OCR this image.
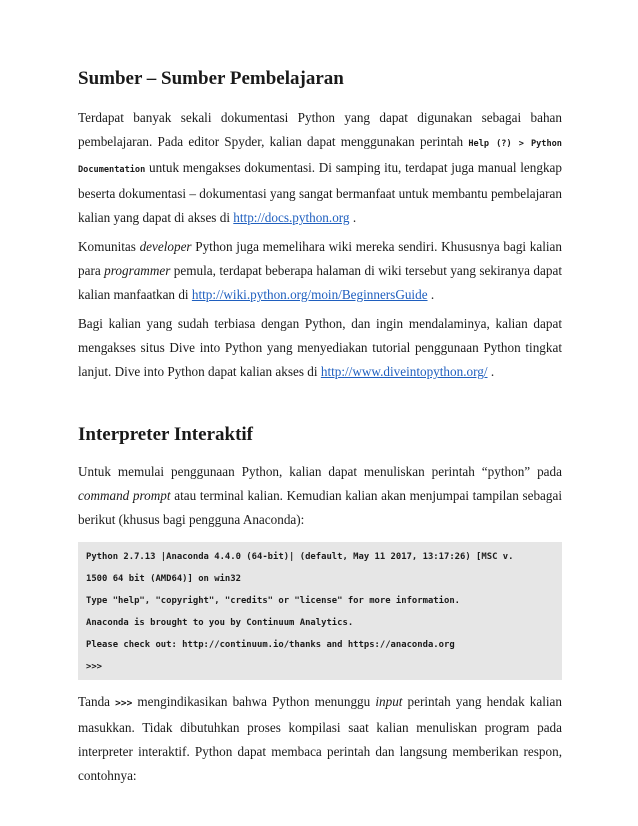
Sumber – Sumber Pembelajaran

Terdapat banyak sekali dokumentasi Python yang dapat digunakan sebagai bahan pembelajaran. Pada editor Spyder, kalian dapat menggunakan perintah Help (?) > Python Documentation untuk mengakses dokumentasi. Di samping itu, terdapat juga manual lengkap beserta dokumentasi – dokumentasi yang sangat bermanfaat untuk membantu pembelajaran kalian yang dapat di akses di http://docs.python.org .

Komunitas developer Python juga memelihara wiki mereka sendiri. Khususnya bagi kalian para programmer pemula, terdapat beberapa halaman di wiki tersebut yang sekiranya dapat kalian manfaatkan di http://wiki.python.org/moin/BeginnersGuide .

Bagi kalian yang sudah terbiasa dengan Python, dan ingin mendalaminya, kalian dapat mengakses situs Dive into Python yang menyediakan tutorial penggunaan Python tingkat lanjut. Dive into Python dapat kalian akses di http://www.diveintopython.org/ .

Interpreter Interaktif

Untuk memulai penggunaan Python, kalian dapat menuliskan perintah “python” pada command prompt atau terminal kalian. Kemudian kalian akan menjumpai tampilan sebagai berikut (khusus bagi pengguna Anaconda):

Python 2.7.13 |Anaconda 4.4.0 (64-bit)| (default, May 11 2017, 13:17:26) [MSC v.
1500 64 bit (AMD64)] on win32
Type "help", "copyright", "credits" or "license" for more information.
Anaconda is brought to you by Continuum Analytics.
Please check out: http://continuum.io/thanks and https://anaconda.org
>>>

Tanda >>> mengindikasikan bahwa Python menunggu input perintah yang hendak kalian masukkan. Tidak dibutuhkan proses kompilasi saat kalian menuliskan program pada interpreter interaktif. Python dapat membaca perintah dan langsung memberikan respon, contohnya:
